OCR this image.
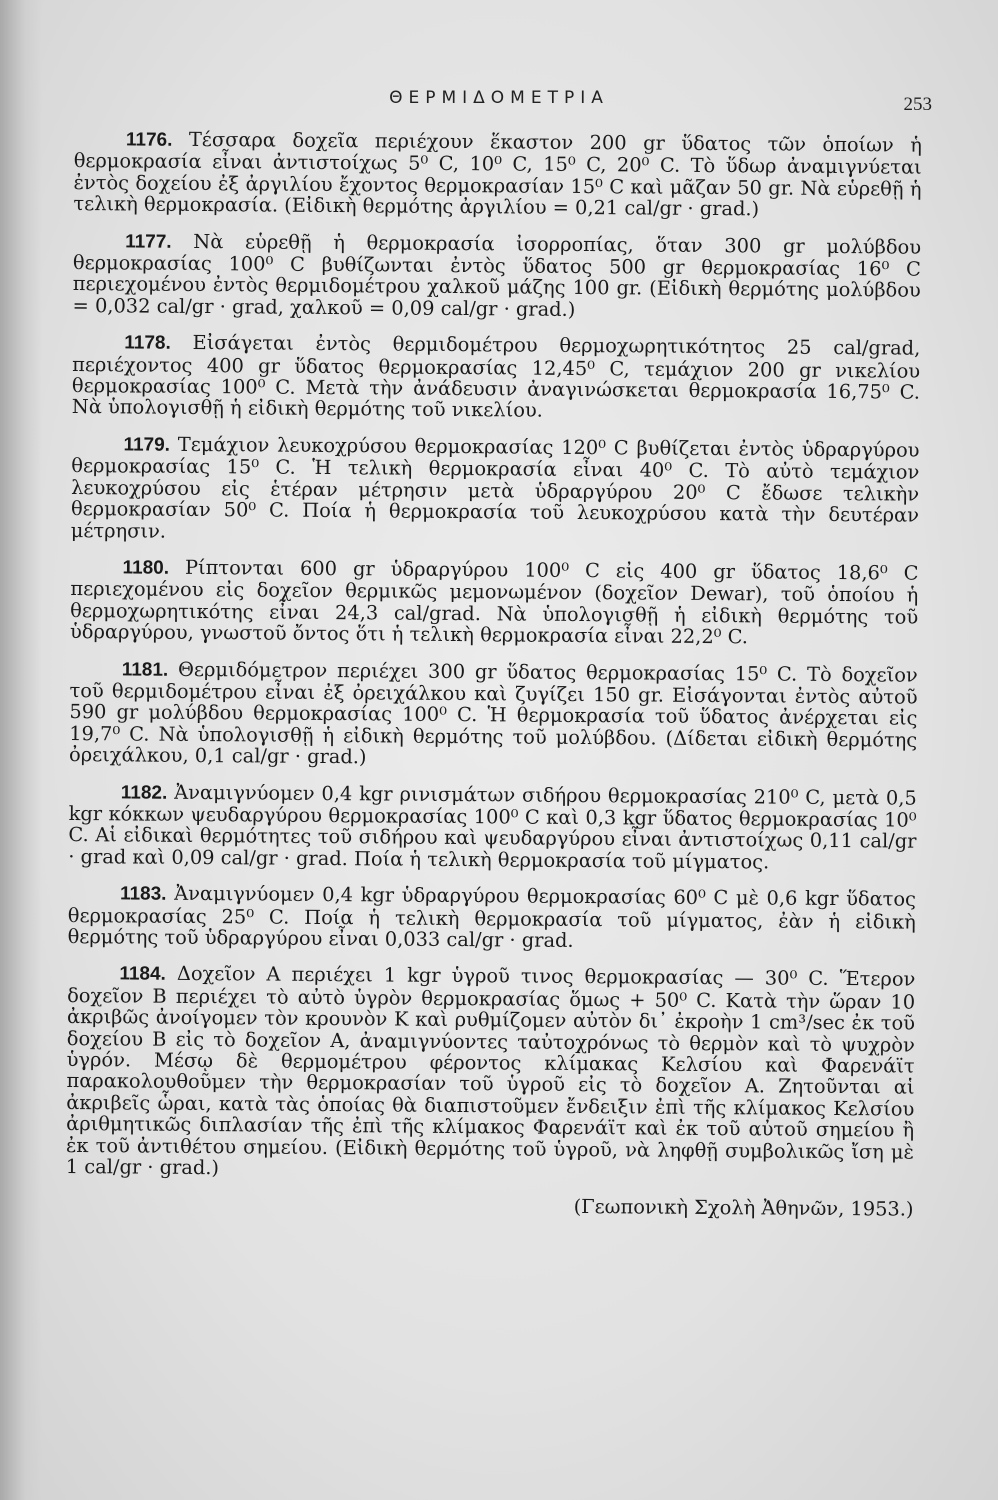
ΘΕΡΜΙΔΟΜΕΤΡΙΑ	253

1176. Τέσσαρα δοχεῖα περιέχουν ἕκαστον 200 gr ὕδατος τῶν ὁποίων ἡ θερμοκρασία εἶναι ἀντιστοίχως 5⁰ C, 10⁰ C, 15⁰ C, 20⁰ C. Τὸ ὕδωρ ἀναμιγνύεται ἐντὸς δοχείου ἐξ ἀργιλίου ἔχοντος θερμοκρασίαν 15⁰ C καὶ μᾶζαν 50 gr. Νὰ εὑρεθῇ ἡ τελικὴ θερμοκρασία. (Εἰδικὴ θερμότης ἀργιλίου = 0,21 cal/gr · grad.)

1177. Νὰ εὑρεθῇ ἡ θερμοκρασία ἰσορροπίας, ὅταν 300 gr μολύβδου θερμοκρασίας 100⁰ C βυθίζωνται ἐντὸς ὕδατος 500 gr θερμοκρασίας 16⁰ C περιεχομένου ἐντὸς θερμιδομέτρου χαλκοῦ μάζης 100 gr. (Εἰδικὴ θερμότης μολύβδου = 0,032 cal/gr · grad, χαλκοῦ = 0,09 cal/gr · grad.)

1178. Εἰσάγεται ἐντὸς θερμιδομέτρου θερμοχωρητικότητος 25 cal/grad, περιέχοντος 400 gr ὕδατος θερμοκρασίας 12,45⁰ C, τεμάχιον 200 gr νικελίου θερμοκρασίας 100⁰ C. Μετὰ τὴν ἀνάδευσιν ἀναγινώσκεται θερμοκρασία 16,75⁰ C. Νὰ ὑπολογισθῇ ἡ εἰδικὴ θερμότης τοῦ νικελίου.

1179. Τεμάχιον λευκοχρύσου θερμοκρασίας 120⁰ C βυθίζεται ἐντὸς ὑδραργύρου θερμοκρασίας 15⁰ C. Ἡ τελικὴ θερμοκρασία εἶναι 40⁰ C. Τὸ αὐτὸ τεμάχιον λευκοχρύσου εἰς ἑτέραν μέτρησιν μετὰ ὑδραργύρου 20⁰ C ἔδωσε τελικὴν θερμοκρασίαν 50⁰ C. Ποία ἡ θερμοκρασία τοῦ λευκοχρύσου κατὰ τὴν δευτέραν μέτρησιν.

1180. Ρίπτονται 600 gr ὑδραργύρου 100⁰ C εἰς 400 gr ὕδατος 18,6⁰ C περιεχομένου εἰς δοχεῖον θερμικῶς μεμονωμένον (δοχεῖον Dewar), τοῦ ὁποίου ἡ θερμοχωρητικότης εἶναι 24,3 cal/grad. Νὰ ὑπολογισθῇ ἡ εἰδικὴ θερμότης τοῦ ὑδραργύρου, γνωστοῦ ὄντος ὅτι ἡ τελικὴ θερμοκρασία εἶναι 22,2⁰ C.

1181. Θερμιδόμετρον περιέχει 300 gr ὕδατος θερμοκρασίας 15⁰ C. Τὸ δοχεῖον τοῦ θερμιδομέτρου εἶναι ἐξ ὀρειχάλκου καὶ ζυγίζει 150 gr. Εἰσάγονται ἐντὸς αὐτοῦ 590 gr μολύβδου θερμοκρασίας 100⁰ C. Ἡ θερμοκρασία τοῦ ὕδατος ἀνέρχεται εἰς 19,7⁰ C. Νὰ ὑπολογισθῇ ἡ εἰδικὴ θερμότης τοῦ μολύβδου. (Δίδεται εἰδικὴ θερμότης ὀρειχάλκου, 0,1 cal/gr · grad.)

1182. Ἀναμιγνύομεν 0,4 kgr ρινισμάτων σιδήρου θερμοκρασίας 210⁰ C, μετὰ 0,5 kgr κόκκων ψευδαργύρου θερμοκρασίας 100⁰ C καὶ 0,3 kgr ὕδατος θερμοκρασίας 10⁰ C. Αἱ εἰδικαὶ θερμότητες τοῦ σιδήρου καὶ ψευδαργύρου εἶναι ἀντιστοίχως 0,11 cal/gr · grad καὶ 0,09 cal/gr · grad. Ποία ἡ τελικὴ θερμοκρασία τοῦ μίγματος.

1183. Ἀναμιγνύομεν 0,4 kgr ὑδραργύρου θερμοκρασίας 60⁰ C μὲ 0,6 kgr ὕδατος θερμοκρασίας 25⁰ C. Ποία ἡ τελικὴ θερμοκρασία τοῦ μίγματος, ἐὰν ἡ εἰδικὴ θερμότης τοῦ ὑδραργύρου εἶναι 0,033 cal/gr · grad.

1184. Δοχεῖον Α περιέχει 1 kgr ὑγροῦ τινος θερμοκρασίας — 30⁰ C. Ἕτερον δοχεῖον Β περιέχει τὸ αὐτὸ ὑγρὸν θερμοκρασίας ὅμως + 50⁰ C. Κατὰ τὴν ὥραν 10 ἀκριβῶς ἀνοίγομεν τὸν κρουνὸν Κ καὶ ρυθμίζομεν αὐτὸν δι᾽ ἐκροὴν 1 cm³/sec ἐκ τοῦ δοχείου Β εἰς τὸ δοχεῖον Α, ἀναμιγνύοντες ταὐτοχρόνως τὸ θερμὸν καὶ τὸ ψυχρὸν ὑγρόν. Μέσῳ δὲ θερμομέτρου φέροντος κλίμακας Κελσίου καὶ Φαρενάϊτ παρακολουθοῦμεν τὴν θερμοκρασίαν τοῦ ὑγροῦ εἰς τὸ δοχεῖον Α. Ζητοῦνται αἱ ἀκριβεῖς ὧραι, κατὰ τὰς ὁποίας θὰ διαπιστοῦμεν ἔνδειξιν ἐπὶ τῆς κλίμακος Κελσίου ἀριθμητικῶς διπλασίαν τῆς ἐπὶ τῆς κλίμακος Φαρενάϊτ καὶ ἐκ τοῦ αὐτοῦ σημείου ἢ ἐκ τοῦ ἀντιθέτου σημείου. (Εἰδικὴ θερμότης τοῦ ὑγροῦ, νὰ ληφθῇ συμβολικῶς ἴση μὲ 1 cal/gr · grad.)

(Γεωπονικὴ Σχολὴ Ἀθηνῶν, 1953.)
